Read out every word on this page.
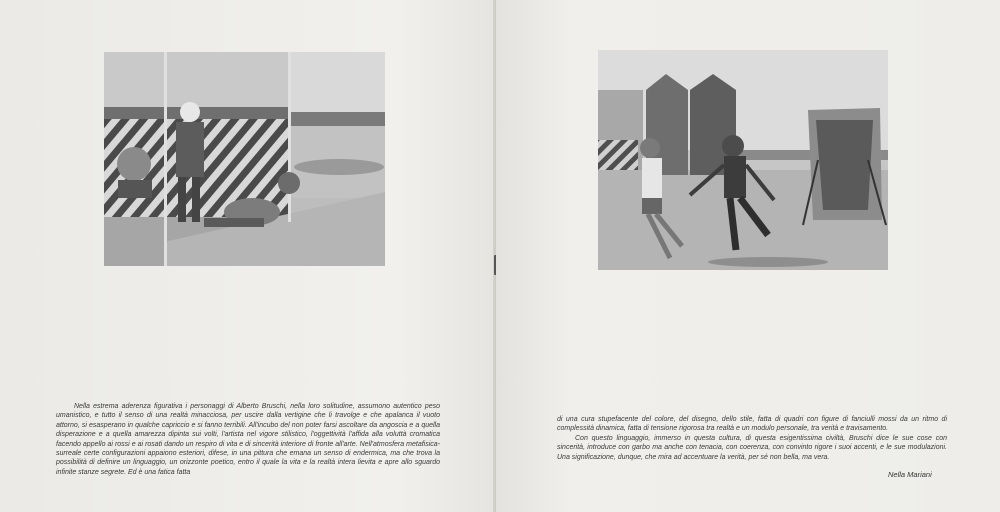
Nella estrema aderenza figurativa i personaggi di Alberto Bruschi, nella loro solitudine, assumono autentico peso umanistico, e tutto il senso di una realtà minacciosa, per uscire dalla vertigine che li travolge e che apalanca il vuoto attorno, si esasperano in qualche capriccio e si fanno terribili. All'incubo del non poter farsi ascoltare da angoscia e a quella disperazione e a quella amarezza dipinta sui volti, l'artista nel vigore stilistico, l'oggettività l'affida alla voluttà cromatica facendo appello ai rossi e ai rosati dando un respiro di vita e di sincerità interiore di fronte all'arte. Nell'atmosfera metafisica-surreale certe configurazioni appaiono esteriori, difese, in una pittura che emana un senso di endermica, ma che trova la possibilità di definire un linguaggio, un orizzonte poetico, entro il quale la vita e la realtà intera lievita e apre allo sguardo infinite stanze segrete. Ed è una fatica fatta

di una cura stupefacente del colore, del disegno, dello stile, fatta di quadri con figure di fanciulli mossi da un ritmo di complessità dinamica, fatta di tensione rigorosa tra realtà e un modulo personale, tra verità e travisamento.

Con questo linguaggio, immerso in questa cultura, di questa esigentissima civiltà, Bruschi dice le sue cose con sincerità, introduce con garbo ma anche con tenacia, con coerenza, con convinto rigore i suoi accenti, e le sue modulazioni. Una significazione, dunque, che mira ad accentuare la verità, per sé non bella, ma vera.

Nella Mariani
